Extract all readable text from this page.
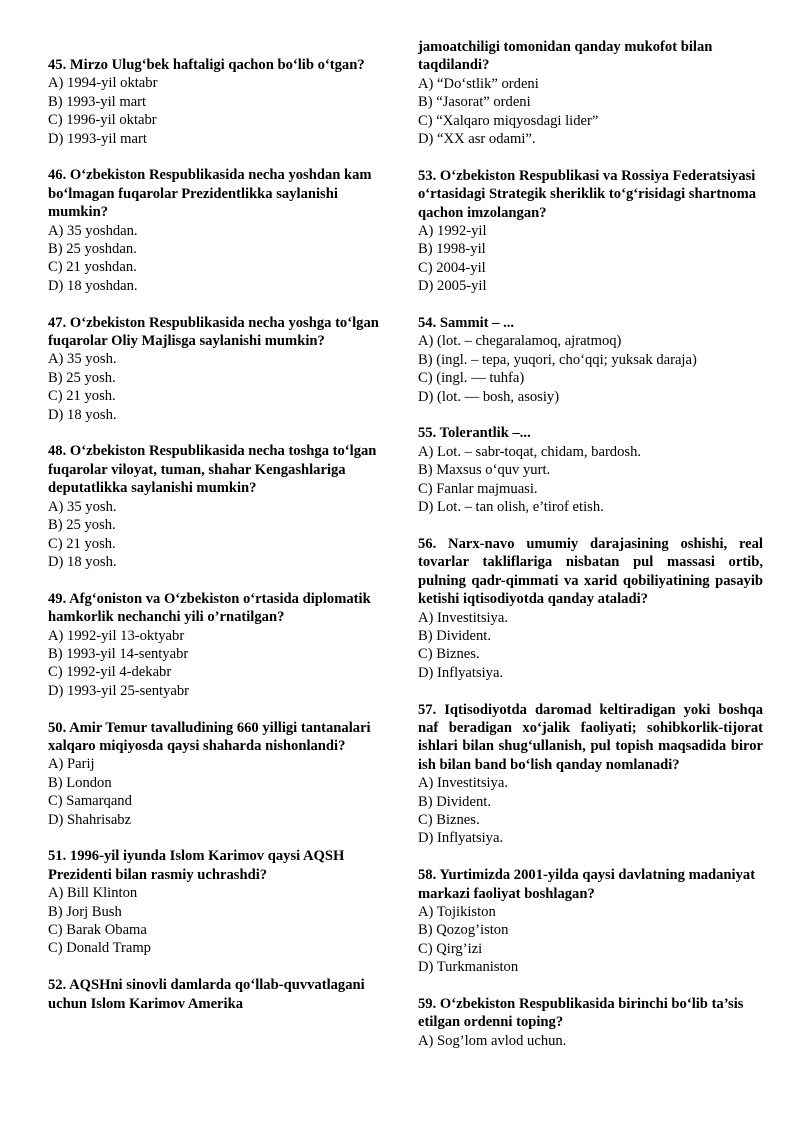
45. Mirzo Ulug‘bek haftaligi qachon bo‘lib o‘tgan?
A) 1994-yil oktabr
B) 1993-yil mart
C) 1996-yil oktabr
D) 1993-yil mart
46. O‘zbekiston Respublikasida necha yoshdan kam bo‘lmagan fuqarolar Prezidentlikka saylanishi mumkin?
A) 35 yoshdan.
B) 25 yoshdan.
C) 21 yoshdan.
D) 18 yoshdan.
47. O‘zbekiston Respublikasida necha yoshga to‘lgan fuqarolar Oliy Majlisga saylanishi mumkin?
A) 35 yosh.
B) 25 yosh.
C) 21 yosh.
D) 18 yosh.
48. O‘zbekiston Respublikasida necha toshga to‘lgan fuqarolar viloyat, tuman, shahar Kengashlariga deputatlikka saylanishi mumkin?
A) 35 yosh.
B) 25 yosh.
C) 21 yosh.
D) 18 yosh.
49. Afg‘oniston va O‘zbekiston o‘rtasida diplomatik hamkorlik nechanchi yili o’rnatilgan?
A) 1992-yil 13-oktyabr
B) 1993-yil 14-sentyabr
C) 1992-yil 4-dekabr
D) 1993-yil 25-sentyabr
50. Amir Temur tavalludining 660 yilligi tantanalari xalqaro miqiyosda qaysi shaharda nishonlandi?
A) Parij
B) London
C) Samarqand
D) Shahrisabz
51. 1996-yil iyunda Islom Karimov qaysi AQSH Prezidenti bilan rasmiy uchrashdi?
A) Bill Klinton
B) Jorj Bush
C) Barak Obama
C) Donald Tramp
52. AQSHni sinovli damlarda qo‘llab-quvvatlagani uchun Islom Karimov Amerika
jamoatchiligi tomonidan qanday mukofot bilan taqdilandi?
A) “Do‘stlik” ordeni
B) “Jasorat” ordeni
C) “Xalqaro miqyosdagi lider”
D) “XX asr odami”.
53. O‘zbekiston Respublikasi va Rossiya Federatsiyasi o‘rtasidagi Strategik sheriklik to‘g‘risidagi shartnoma qachon imzolangan?
A) 1992-yil
B) 1998-yil
C) 2004-yil
D) 2005-yil
54. Sammit – ...
A) (lot. – chegaralamoq, ajratmoq)
B) (ingl. – tepa, yuqori, cho‘qqi; yuksak daraja)
C) (ingl. — tuhfa)
D) (lot. — bosh, asosiy)
55. Tolerantlik –...
A) Lot. – sabr-toqat, chidam, bardosh.
B) Maxsus o‘quv yurt.
C) Fanlar majmuasi.
D) Lot. – tan olish, e’tirof etish.
56. Narx-navo umumiy darajasining oshishi, real tovarlar takliflariga nisbatan pul massasi ortib, pulning qadr-qimmati va xarid qobiliyatining pasayib ketishi iqtisodiyotda qanday ataladi?
A) Investitsiya.
B) Divident.
C) Biznes.
D) Inflyatsiya.
57. Iqtisodiyotda daromad keltiradigan yoki boshqa naf beradigan xo‘jalik faoliyati; sohibkorlik-tijorat ishlari bilan shug‘ullanish, pul topish maqsadida biror ish bilan band bo‘lish qanday nomlanadi?
A) Investitsiya.
B) Divident.
C) Biznes.
D) Inflyatsiya.
58. Yurtimizda 2001-yilda qaysi davlatning madaniyat markazi faoliyat boshlagan?
A) Tojikiston
B) Qozog’iston
C) Qirg’izi
D) Turkmaniston
59. O‘zbekiston Respublikasida birinchi bo‘lib ta’sis etilgan ordenni toping?
A) Sog’lom avlod uchun.
